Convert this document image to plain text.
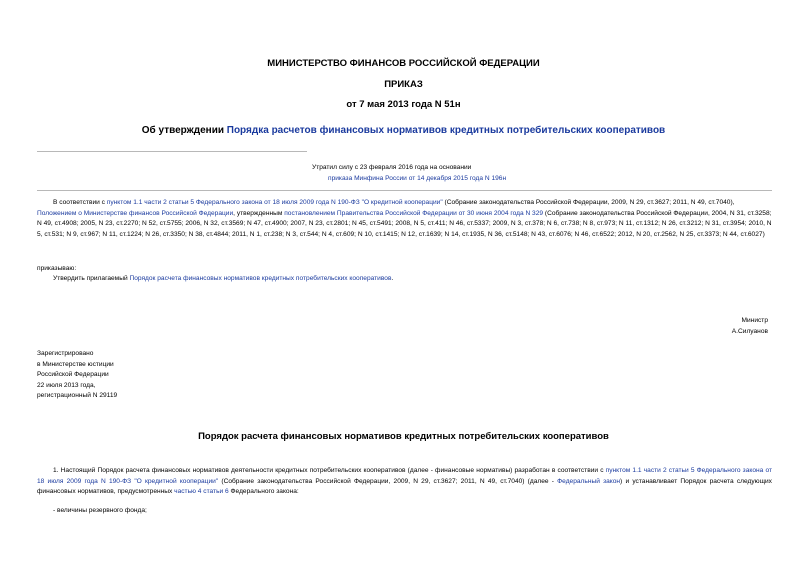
МИНИСТЕРСТВО ФИНАНСОВ РОССИЙСКОЙ ФЕДЕРАЦИИ
ПРИКАЗ
от 7 мая 2013 года N 51н
Об утверждении Порядка расчетов финансовых нормативов кредитных потребительских кооперативов
Утратил силу с 23 февраля 2016 года на основании
приказа Минфина России от 14 декабря 2015 года N 196н
В соответствии с пунктом 1.1 части 2 статьи 5 Федерального закона от 18 июля 2009 года N 190-ФЗ "О кредитной кооперации" (Собрание законодательства Российской Федерации, 2009, N 29, ст.3627; 2011, N 49, ст.7040), Положением о Министерстве финансов Российской Федерации, утвержденным постановлением Правительства Российской Федерации от 30 июня 2004 года N 329 (Собрание законодательства Российской Федерации, 2004, N 31, ст.3258; N 49, ст.4908; 2005, N 23, ст.2270; N 52, ст.5755; 2006, N 32, ст.3569; N 47, ст.4900; 2007, N 23, ст.2801; N 45, ст.5491; 2008, N 5, ст.411; N 46, ст.5337; 2009, N 3, ст.378; N 6, ст.738; N 8, ст.973; N 11, ст.1312; N 26, ст.3212; N 31, ст.3954; 2010, N 5, ст.531; N 9, ст.967; N 11, ст.1224; N 26, ст.3350; N 38, ст.4844; 2011, N 1, ст.238; N 3, ст.544; N 4, ст.609; N 10, ст.1415; N 12, ст.1639; N 14, ст.1935, N 36, ст.5148; N 43, ст.6076; N 46, ст.6522; 2012, N 20, ст.2562, N 25, ст.3373; N 44, ст.6027)
приказываю:
Утвердить прилагаемый Порядок расчета финансовых нормативов кредитных потребительских кооперативов.
Министр
А.Силуанов
Зарегистрировано
в Министерстве юстиции
Российской Федерации
22 июля 2013 года,
регистрационный N 29119
Порядок расчета финансовых нормативов кредитных потребительских кооперативов
1. Настоящий Порядок расчета финансовых нормативов деятельности кредитных потребительских кооперативов (далее - финансовые нормативы) разработан в соответствии с пунктом 1.1 части 2 статьи 5 Федерального закона от 18 июля 2009 года N 190-ФЗ "О кредитной кооперации" (Собрание законодательства Российской Федерации, 2009, N 29, ст.3627; 2011, N 49, ст.7040) (далее - Федеральный закон) и устанавливает Порядок расчета следующих финансовых нормативов, предусмотренных частью 4 статьи 6 Федерального закона:
- величины резервного фонда;
